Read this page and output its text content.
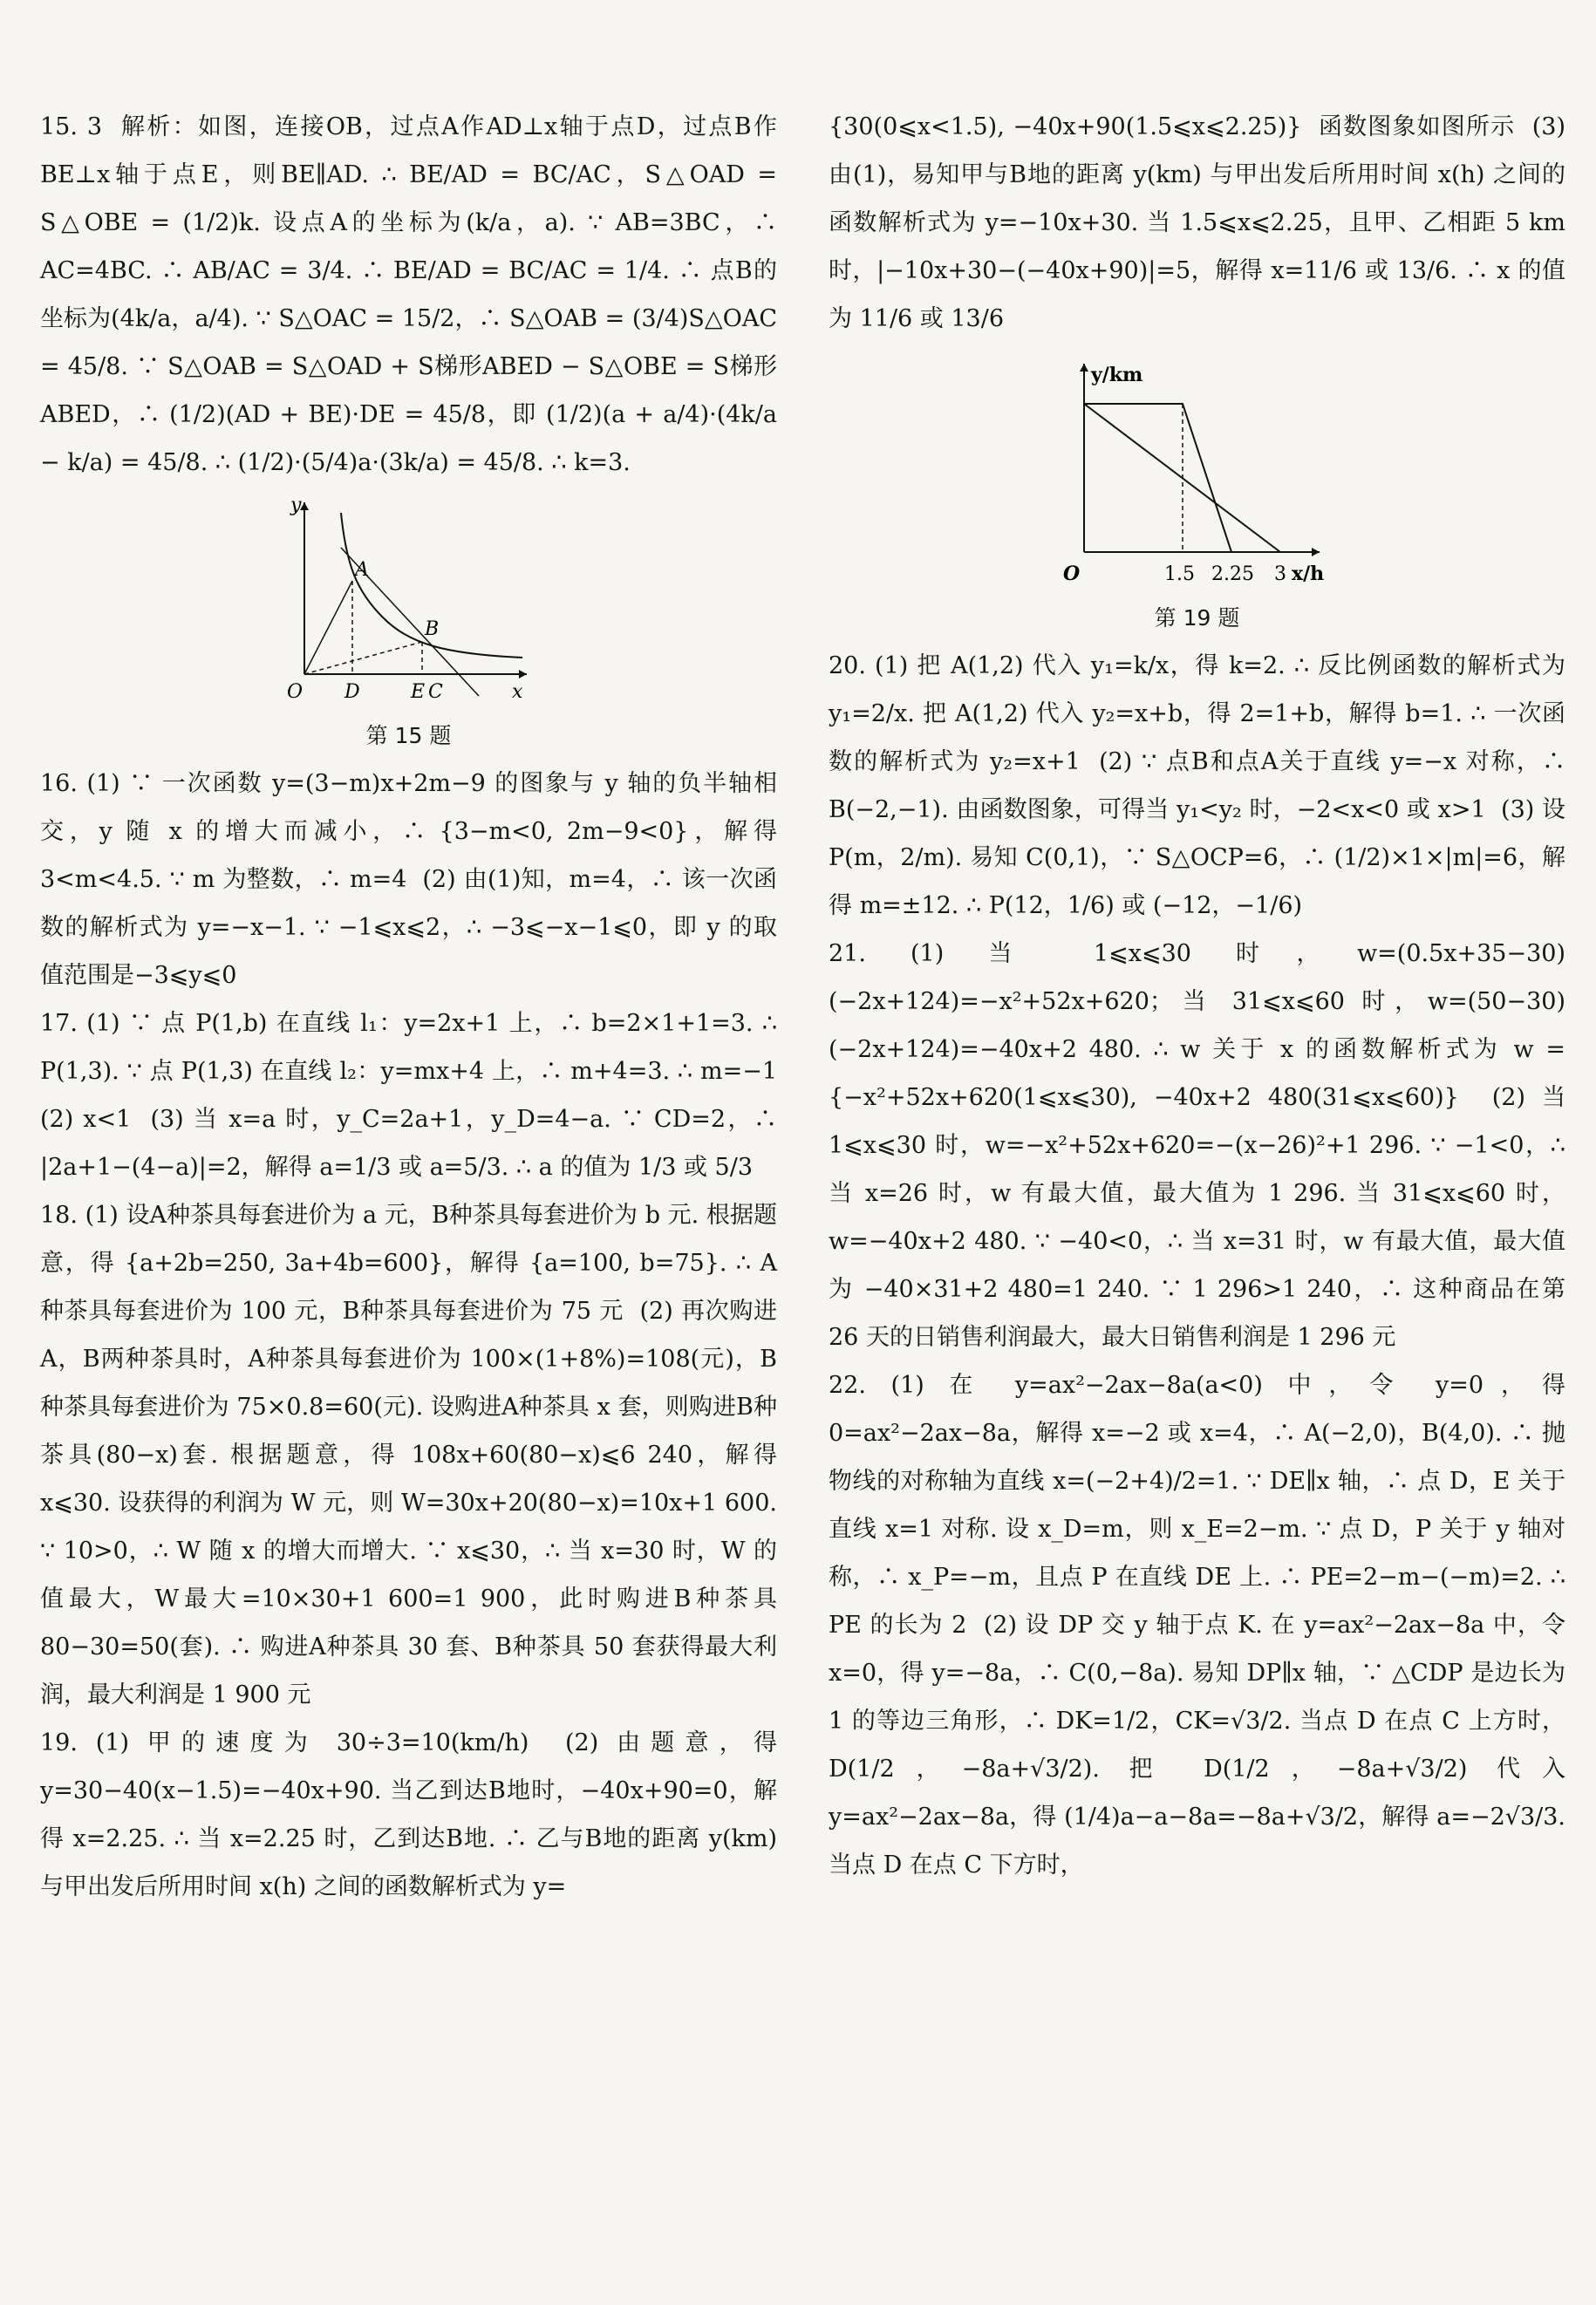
15. 3  解析：如图，连接OB，过点A作AD⊥x轴于点D，过点B作BE⊥x轴于点E，则BE∥AD. ∴ BE/AD = BC/AC，S△OAD = S△OBE = (1/2)k. 设点A的坐标为(k/a，a). ∵ AB=3BC，∴ AC=4BC. ∴ AB/AC = 3/4. ∴ BE/AD = BC/AC = 1/4. ∴ 点B的坐标为(4k/a，a/4). ∵ S△OAC = 15/2，∴ S△OAB = (3/4)S△OAC = 45/8. ∵ S△OAB = S△OAD + S梯形ABED − S△OBE = S梯形ABED，∴ (1/2)(AD + BE)·DE = 45/8，即 (1/2)(a + a/4)·(4k/a − k/a) = 45/8. ∴ (1/2)·(5/4)a·(3k/a) = 45/8. ∴ k=3.

y
x
O
A
B
D	E C
第 15 题

16. (1) ∵ 一次函数 y=(3−m)x+2m−9 的图象与 y 轴的负半轴相交，y 随 x 的增大而减小，∴ {3−m<0, 2m−9<0}，解得 3<m<4.5. ∵ m 为整数，∴ m=4  (2) 由(1)知，m=4，∴ 该一次函数的解析式为 y=−x−1. ∵ −1⩽x⩽2，∴ −3⩽−x−1⩽0，即 y 的取值范围是−3⩽y⩽0

17. (1) ∵ 点 P(1,b) 在直线 l₁：y=2x+1 上，∴ b=2×1+1=3. ∴ P(1,3). ∵ 点 P(1,3) 在直线 l₂：y=mx+4 上，∴ m+4=3. ∴ m=−1  (2) x<1  (3) 当 x=a 时，y_C=2a+1，y_D=4−a. ∵ CD=2，∴ |2a+1−(4−a)|=2，解得 a=1/3 或 a=5/3. ∴ a 的值为 1/3 或 5/3

18. (1) 设A种茶具每套进价为 a 元，B种茶具每套进价为 b 元. 根据题意，得 {a+2b=250, 3a+4b=600}，解得 {a=100, b=75}. ∴ A种茶具每套进价为 100 元，B种茶具每套进价为 75 元  (2) 再次购进A，B两种茶具时，A种茶具每套进价为 100×(1+8%)=108(元)，B种茶具每套进价为 75×0.8=60(元). 设购进A种茶具 x 套，则购进B种茶具(80−x)套. 根据题意，得 108x+60(80−x)⩽6 240，解得 x⩽30. 设获得的利润为 W 元，则 W=30x+20(80−x)=10x+1 600. ∵ 10>0，∴ W 随 x 的增大而增大. ∵ x⩽30，∴ 当 x=30 时，W 的值最大，W最大=10×30+1 600=1 900，此时购进B种茶具 80−30=50(套). ∴ 购进A种茶具 30 套、B种茶具 50 套获得最大利润，最大利润是 1 900 元

19. (1) 甲的速度为 30÷3=10(km/h)  (2) 由题意，得 y=30−40(x−1.5)=−40x+90. 当乙到达B地时，−40x+90=0，解得 x=2.25. ∴ 当 x=2.25 时，乙到达B地. ∴ 乙与B地的距离 y(km) 与甲出发后所用时间 x(h) 之间的函数解析式为 y=

{30(0⩽x<1.5), −40x+90(1.5⩽x⩽2.25)}  函数图象如图所示  (3) 由(1)，易知甲与B地的距离 y(km) 与甲出发后所用时间 x(h) 之间的函数解析式为 y=−10x+30. 当 1.5⩽x⩽2.25，且甲、乙相距 5 km 时，|−10x+30−(−40x+90)|=5，解得 x=11/6 或 13/6. ∴ x 的值为 11/6 或 13/6

y/km
x/h
O	1.5 2.25 3
第 19 题

20. (1) 把 A(1,2) 代入 y₁=k/x，得 k=2. ∴ 反比例函数的解析式为 y₁=2/x. 把 A(1,2) 代入 y₂=x+b，得 2=1+b，解得 b=1. ∴ 一次函数的解析式为 y₂=x+1  (2) ∵ 点B和点A关于直线 y=−x 对称，∴ B(−2,−1). 由函数图象，可得当 y₁<y₂ 时，−2<x<0 或 x>1  (3) 设 P(m，2/m). 易知 C(0,1)，∵ S△OCP=6，∴ (1/2)×1×|m|=6，解得 m=±12. ∴ P(12，1/6) 或 (−12，−1/6)

21. (1) 当 1⩽x⩽30 时，w=(0.5x+35−30)(−2x+124)=−x²+52x+620；当 31⩽x⩽60 时，w=(50−30)(−2x+124)=−40x+2 480. ∴ w 关于 x 的函数解析式为 w = {−x²+52x+620(1⩽x⩽30), −40x+2 480(31⩽x⩽60)}  (2) 当 1⩽x⩽30 时，w=−x²+52x+620=−(x−26)²+1 296. ∵ −1<0，∴ 当 x=26 时，w 有最大值，最大值为 1 296. 当 31⩽x⩽60 时，w=−40x+2 480. ∵ −40<0，∴ 当 x=31 时，w 有最大值，最大值为 −40×31+2 480=1 240. ∵ 1 296>1 240，∴ 这种商品在第 26 天的日销售利润最大，最大日销售利润是 1 296 元

22. (1) 在 y=ax²−2ax−8a(a<0) 中，令 y=0，得 0=ax²−2ax−8a，解得 x=−2 或 x=4，∴ A(−2,0)，B(4,0). ∴ 抛物线的对称轴为直线 x=(−2+4)/2=1. ∵ DE∥x 轴，∴ 点 D，E 关于直线 x=1 对称. 设 x_D=m，则 x_E=2−m. ∵ 点 D，P 关于 y 轴对称，∴ x_P=−m，且点 P 在直线 DE 上. ∴ PE=2−m−(−m)=2. ∴ PE 的长为 2  (2) 设 DP 交 y 轴于点 K. 在 y=ax²−2ax−8a 中，令 x=0，得 y=−8a，∴ C(0,−8a). 易知 DP∥x 轴，∵ △CDP 是边长为 1 的等边三角形，∴ DK=1/2，CK=√3/2. 当点 D 在点 C 上方时，D(1/2，−8a+√3/2). 把 D(1/2，−8a+√3/2) 代入 y=ax²−2ax−8a，得 (1/4)a−a−8a=−8a+√3/2，解得 a=−2√3/3. 当点 D 在点 C 下方时，
